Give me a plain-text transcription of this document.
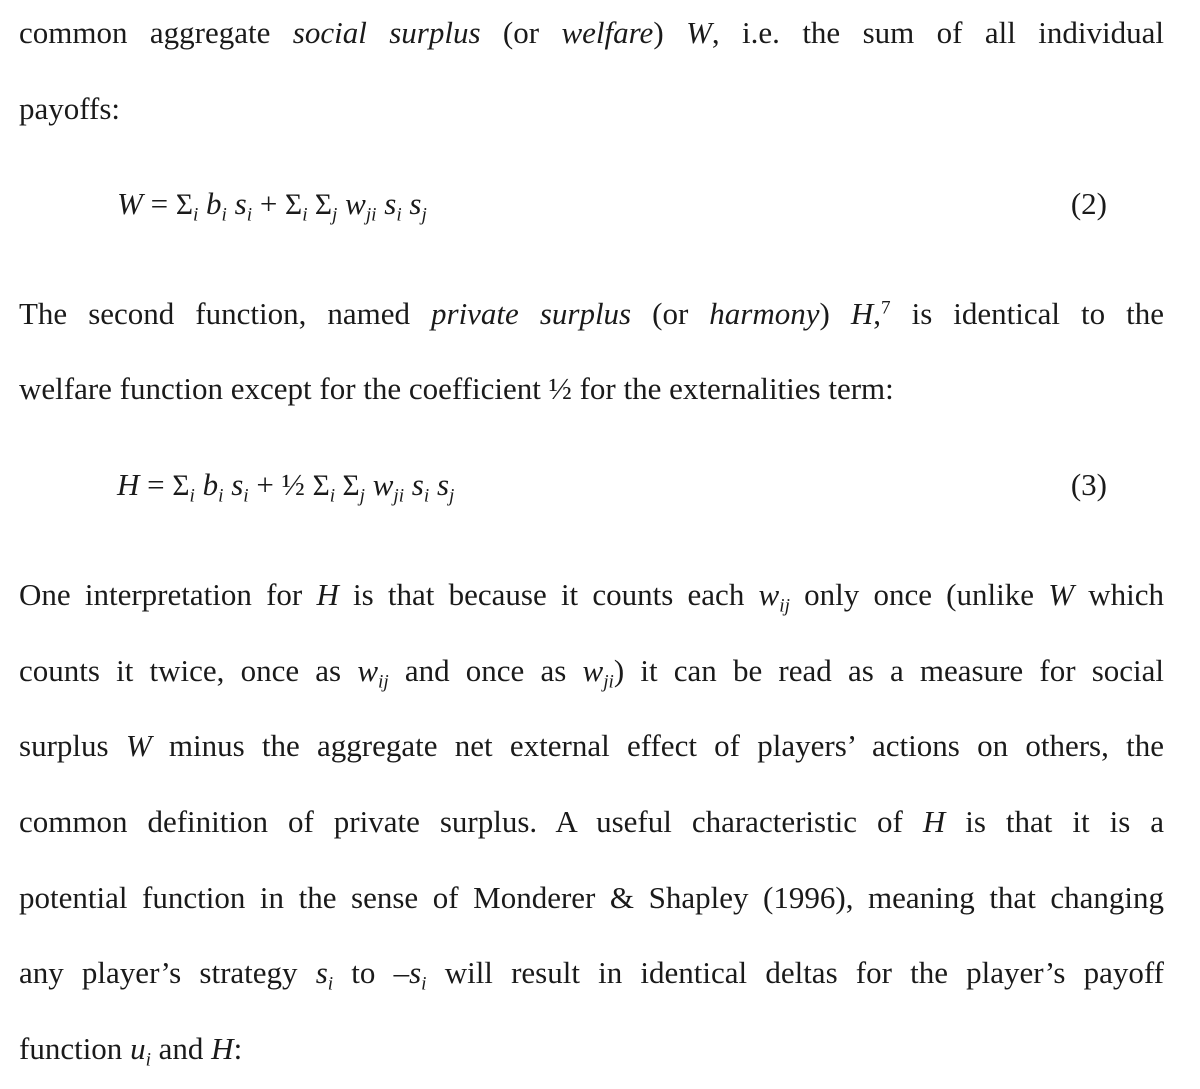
common aggregate social surplus (or welfare) W, i.e. the sum of all individual
payoffs:
$W = \Sigma_i$ $b_i$ $s_i + \Sigma_i$ $\Sigma_j$ $w_{ji}$ $s_i$ $s_j$	(2)
The second function, named private surplus (or harmony) H,$^7$ is identical to the
welfare function except for the coefficient ½ for the externalities term:
$H = \Sigma_i$ $b_i$ $s_i$ + ½ $\Sigma_i$ $\Sigma_j$ $w_{ji}$ $s_i$ $s_j$	(3)
One interpretation for H is that because it counts each $w_{ij}$ only once (unlike W which
counts it twice, once as $w_{ij}$ and once as $w_{ji}$) it can be read as a measure for social
surplus W minus the aggregate net external effect of players’ actions on others, the
common definition of private surplus. A useful characteristic of H is that it is a
potential function in the sense of Monderer & Shapley (1996), meaning that changing
any player’s strategy $s_i$ to $-s_i$ will result in identical deltas for the player’s payoff
function $u_i$ and H:
